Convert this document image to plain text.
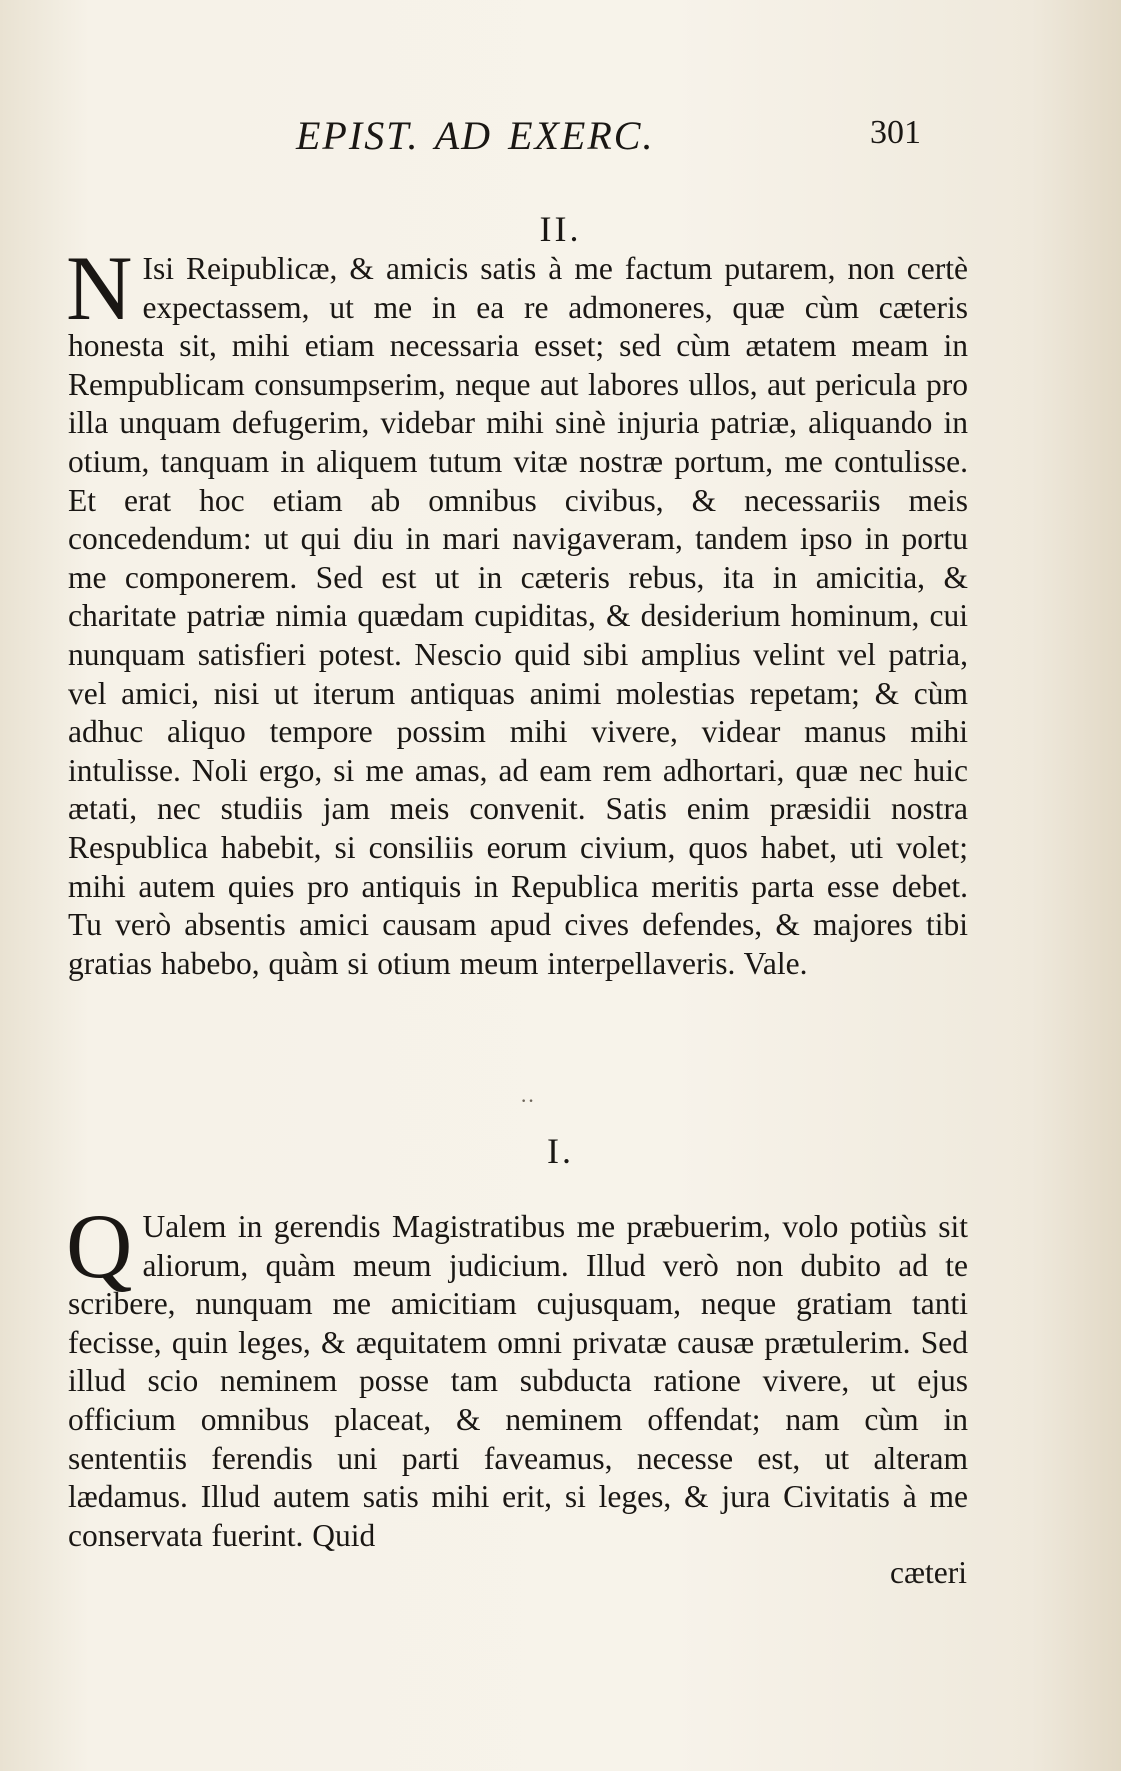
EPIST. AD EXERC.	301
II.
N Isi Reipublicæ, & amicis satis à me factum putarem, non certè expectassem, ut me in ea re admoneres, quæ cùm cæteris honesta sit, mihi etiam necessaria esset; sed cùm ætatem meam in Rempublicam consumpserim, neque aut labores ullos, aut pericula pro illa unquam defugerim, videbar mihi sinè injuria patriæ, aliquando in otium, tanquam in aliquem tutum vitæ nostræ portum, me contulisse. Et erat hoc etiam ab omnibus civibus, & necessariis meis concedendum: ut qui diu in mari navigaveram, tandem ipso in portu me componerem. Sed est ut in cæteris rebus, ita in amicitia, & charitate patriæ nimia quædam cupiditas, & desiderium hominum, cui nunquam satisfieri potest. Nescio quid sibi amplius velint vel patria, vel amici, nisi ut iterum antiquas animi molestias repetam; & cùm adhuc aliquo tempore possim mihi vivere, videar manus mihi intulisse. Noli ergo, si me amas, ad eam rem adhortari, quæ nec huic ætati, nec studiis jam meis convenit. Satis enim præsidii nostra Respublica habebit, si consiliis eorum civium, quos habet, uti volet; mihi autem quies pro antiquis in Republica meritis parta esse debet. Tu verò absentis amici causam apud cives defendes, & majores tibi gratias habebo, quàm si otium meum interpellaveris. Vale.
··
I.
Q Ualem in gerendis Magistratibus me præbuerim, volo potiùs sit aliorum, quàm meum judicium. Illud verò non dubito ad te scribere, nunquam me amicitiam cujusquam, neque gratiam tanti fecisse, quin leges, & æquitatem omni privatæ causæ prætulerim. Sed illud scio neminem posse tam subducta ratione vivere, ut ejus officium omnibus placeat, & neminem offendat; nam cùm in sententiis ferendis uni parti faveamus, necesse est, ut alteram lædamus. Illud autem satis mihi erit, si leges, & jura Civitatis à me conservata fuerint. Quid
cæteri
